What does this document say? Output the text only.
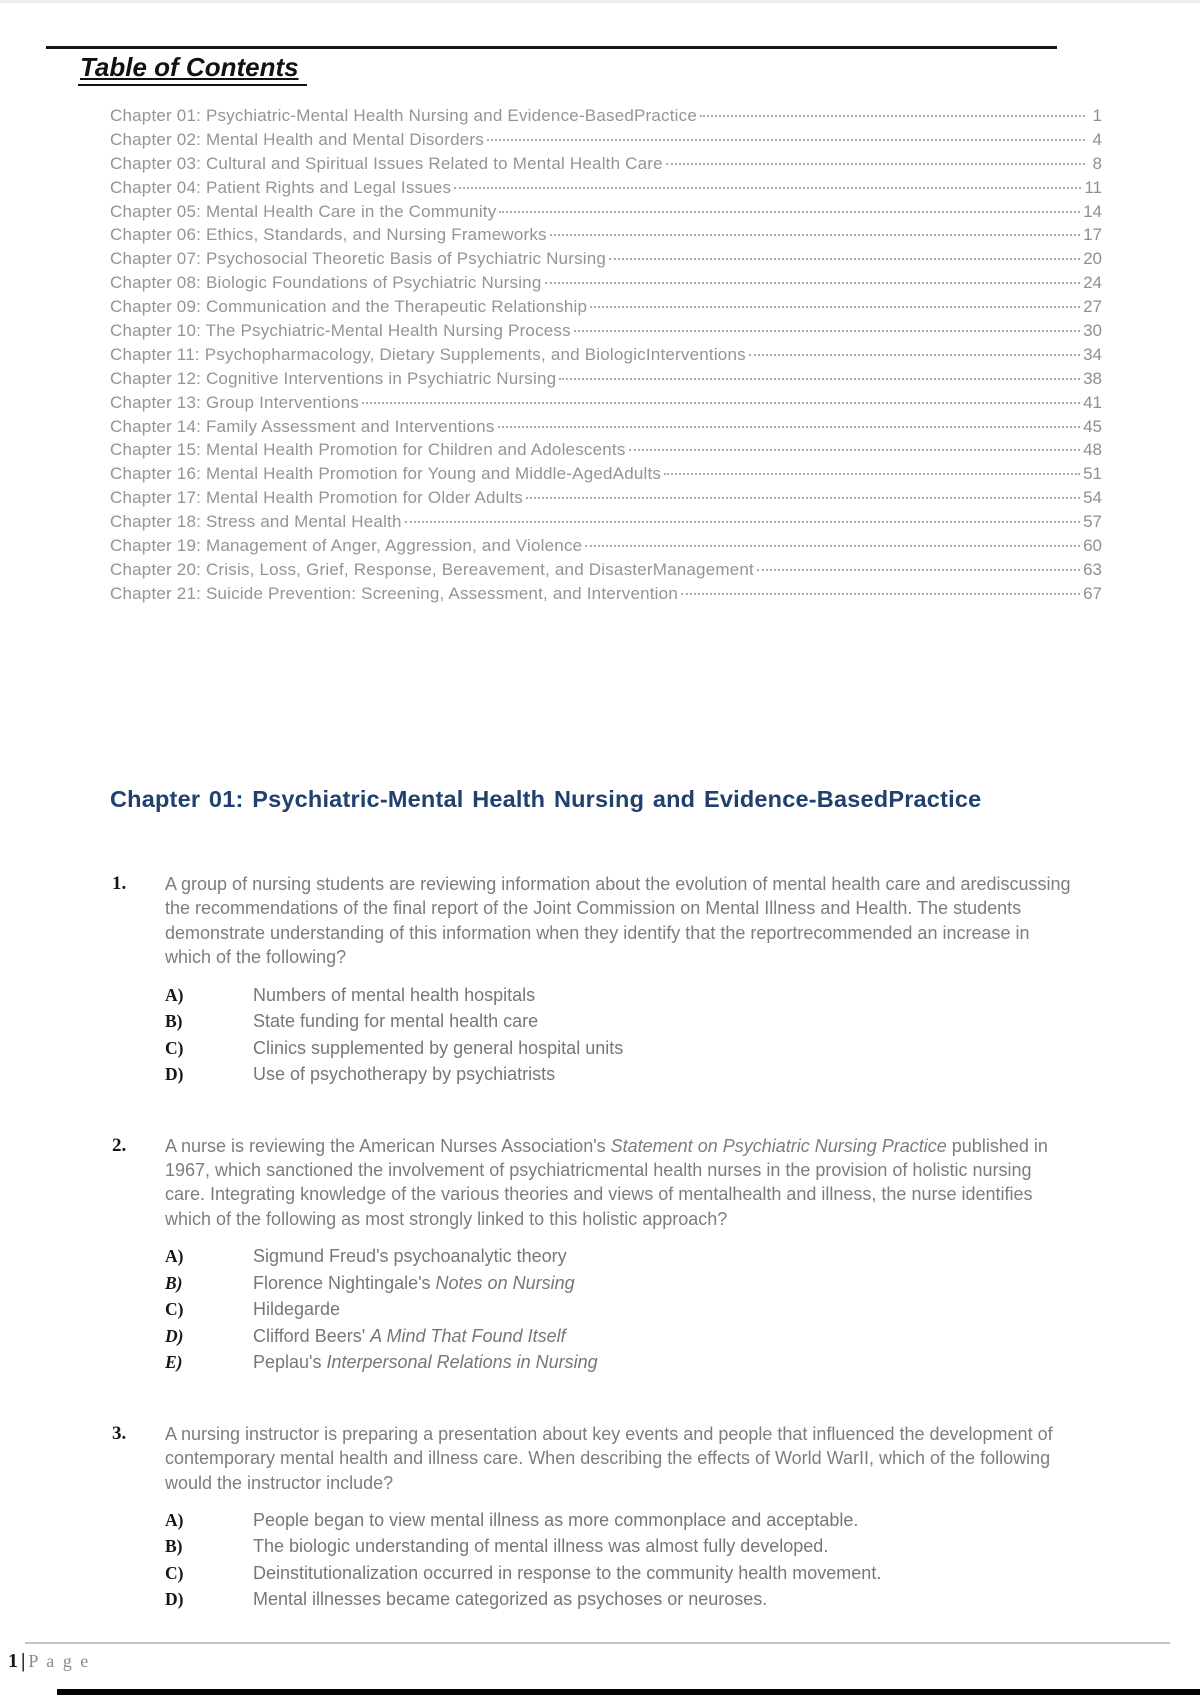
Table of Contents
Chapter 01: Psychiatric-Mental Health Nursing and Evidence-BasedPractice	1
Chapter 02: Mental Health and Mental Disorders	4
Chapter 03: Cultural and Spiritual Issues Related to Mental Health Care	8
Chapter 04: Patient Rights and Legal Issues	11
Chapter 05: Mental Health Care in the Community	14
Chapter 06: Ethics, Standards, and Nursing Frameworks	17
Chapter 07: Psychosocial Theoretic Basis of Psychiatric Nursing	20
Chapter 08: Biologic Foundations of Psychiatric Nursing	24
Chapter 09: Communication and the Therapeutic Relationship	27
Chapter 10: The Psychiatric-Mental Health Nursing Process	30
Chapter 11: Psychopharmacology, Dietary Supplements, and BiologicInterventions	34
Chapter 12: Cognitive Interventions in Psychiatric Nursing	38
Chapter 13: Group Interventions	41
Chapter 14: Family Assessment and Interventions	45
Chapter 15: Mental Health Promotion for Children and Adolescents	48
Chapter 16: Mental Health Promotion for Young and Middle-AgedAdults	51
Chapter 17: Mental Health Promotion for Older Adults	54
Chapter 18: Stress and Mental Health	57
Chapter 19: Management of Anger, Aggression, and Violence	60
Chapter 20: Crisis, Loss, Grief, Response, Bereavement, and DisasterManagement	63
Chapter 21: Suicide Prevention: Screening, Assessment, and Intervention	67
Chapter 01: Psychiatric-Mental Health Nursing and Evidence-BasedPractice
1.	A group of nursing students are reviewing information about the evolution of mental health care and arediscussing the recommendations of the final report of the Joint Commission on Mental Illness and Health. The students demonstrate understanding of this information when they identify that the reportrecommended an increase in which of the following?
A)	Numbers of mental health hospitals
B)	State funding for mental health care
C)	Clinics supplemented by general hospital units
D)	Use of psychotherapy by psychiatrists
2.	A nurse is reviewing the American Nurses Association's Statement on Psychiatric Nursing Practice published in 1967, which sanctioned the involvement of psychiatricmental health nurses in the provision of holistic nursing care. Integrating knowledge of the various theories and views of mentalhealth and illness, the nurse identifies which of the following as most strongly linked to this holistic approach?
A)	Sigmund Freud's psychoanalytic theory
B)	Florence Nightingale's Notes on Nursing
C)	Hildegarde
D)	Clifford Beers' A Mind That Found Itself
E)	Peplau's Interpersonal Relations in Nursing
3.	A nursing instructor is preparing a presentation about key events and people that influenced the development of contemporary mental health and illness care. When describing the effects of World WarII, which of the following would the instructor include?
A)	People began to view mental illness as more commonplace and acceptable.
B)	The biologic understanding of mental illness was almost fully developed.
C)	Deinstitutionalization occurred in response to the community health movement.
D)	Mental illnesses became categorized as psychoses or neuroses.
1 | P a g e
